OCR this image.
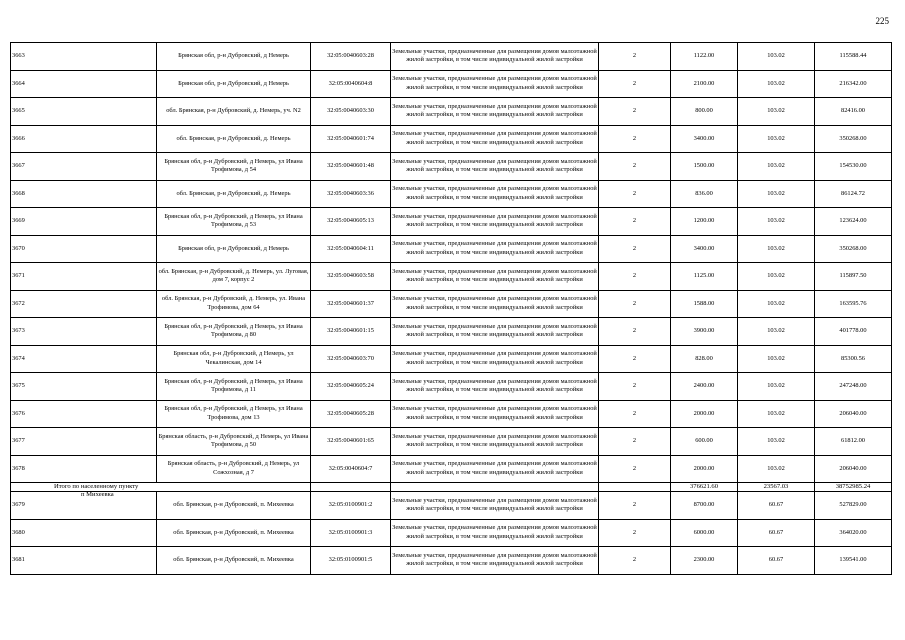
225
3663	Брянская обл, р-н Дубровский, д Немерь	32:05:0040603:28	Земельные участки, предназначенные для размещения домов малоэтажной жилой застройки, в том числе индивидуальной жилой застройки	2	1122.00	103.02	115588.44
3664	Брянская обл, р-н Дубровский, д Немерь	32:05:0040604:8	Земельные участки, предназначенные для размещения домов малоэтажной жилой застройки, в том числе индивидуальной жилой застройки	2	2100.00	103.02	216342.00
3665	обл. Брянская, р-н Дубровский, д. Немерь, уч. N2	32:05:0040603:30	Земельные участки, предназначенные для размещения домов малоэтажной жилой застройки, в том числе индивидуальной жилой застройки	2	800.00	103.02	82416.00
3666	обл. Брянская, р-н Дубровский, д. Немерь	32:05:0040601:74	Земельные участки, предназначенные для размещения домов малоэтажной жилой застройки, в том числе индивидуальной жилой застройки	2	3400.00	103.02	350268.00
3667	Брянская обл, р-н Дубровский, д Немерь, ул Ивана Трофимова, д 54	32:05:0040601:48	Земельные участки, предназначенные для размещения домов малоэтажной жилой застройки, в том числе индивидуальной жилой застройки	2	1500.00	103.02	154530.00
3668	обл. Брянская, р-н Дубровский, д. Немерь	32:05:0040603:36	Земельные участки, предназначенные для размещения домов малоэтажной жилой застройки, в том числе индивидуальной жилой застройки	2	836.00	103.02	86124.72
3669	Брянская обл, р-н Дубровский, д Немерь, ул Ивана Трофимова, д 53	32:05:0040605:13	Земельные участки, предназначенные для размещения домов малоэтажной жилой застройки, в том числе индивидуальной жилой застройки	2	1200.00	103.02	123624.00
3670	Брянская обл, р-н Дубровский, д Немерь	32:05:0040604:11	Земельные участки, предназначенные для размещения домов малоэтажной жилой застройки, в том числе индивидуальной жилой застройки	2	3400.00	103.02	350268.00
3671	обл. Брянская, р-н Дубровский, д. Немерь, ул. Луговая, дом 7, корпус 2	32:05:0040603:58	Земельные участки, предназначенные для размещения домов малоэтажной жилой застройки, в том числе индивидуальной жилой застройки	2	1125.00	103.02	115897.50
3672	обл. Брянская, р-н Дубровский, д. Немерь, ул. Ивана Трофимова, дом 64	32:05:0040601:37	Земельные участки, предназначенные для размещения домов малоэтажной жилой застройки, в том числе индивидуальной жилой застройки	2	1588.00	103.02	163595.76
3673	Брянская обл, р-н Дубровский, д Немерь, ул Ивана Трофимова, д 80	32:05:0040601:15	Земельные участки, предназначенные для размещения домов малоэтажной жилой застройки, в том числе индивидуальной жилой застройки	2	3900.00	103.02	401778.00
3674	Брянская обл, р-н Дубровский, д Немерь, ул Чекалинская, дом 14	32:05:0040603:70	Земельные участки, предназначенные для размещения домов малоэтажной жилой застройки, в том числе индивидуальной жилой застройки	2	828.00	103.02	85300.56
3675	Брянская обл, р-н Дубровский, д Немерь, ул Ивана Трофимова, д 11	32:05:0040605:24	Земельные участки, предназначенные для размещения домов малоэтажной жилой застройки, в том числе индивидуальной жилой застройки	2	2400.00	103.02	247248.00
3676	Брянская обл, р-н Дубровский, д Немерь, ул Ивана Трофимова, дом 13	32:05:0040605:28	Земельные участки, предназначенные для размещения домов малоэтажной жилой застройки, в том числе индивидуальной жилой застройки	2	2000.00	103.02	206040.00
3677	Брянская область, р-н Дубровский, д Немерь, ул Ивана Трофимова, д 50	32:05:0040601:65	Земельные участки, предназначенные для размещения домов малоэтажной жилой застройки, в том числе индивидуальной жилой застройки	2	600.00	103.02	61812.00
3678	Брянская область, р-н Дубровский, д Немерь, ул Сожхозная, д 7	32:05:0040604:7	Земельные участки, предназначенные для размещения домов малоэтажной жилой застройки, в том числе индивидуальной жилой застройки	2	2000.00	103.02	206040.00
Итого по населенному пункту					376621.60	23567.03	38752985.24

п Михеевка
3679	обл. Брянская, р-н Дубровский, п. Михеевка	32:05:0100901:2	Земельные участки, предназначенные для размещения домов малоэтажной жилой застройки, в том числе индивидуальной жилой застройки	2	8700.00	60.67	527829.00
3680	обл. Брянская, р-н Дубровский, п. Михеевка	32:05:0100901:3	Земельные участки, предназначенные для размещения домов малоэтажной жилой застройки, в том числе индивидуальной жилой застройки	2	6000.00	60.67	364020.00
3681	обл. Брянская, р-н Дубровский, п. Михеевка	32:05:0100901:5	Земельные участки, предназначенные для размещения домов малоэтажной жилой застройки, в том числе индивидуальной жилой застройки	2	2300.00	60.67	139541.00
